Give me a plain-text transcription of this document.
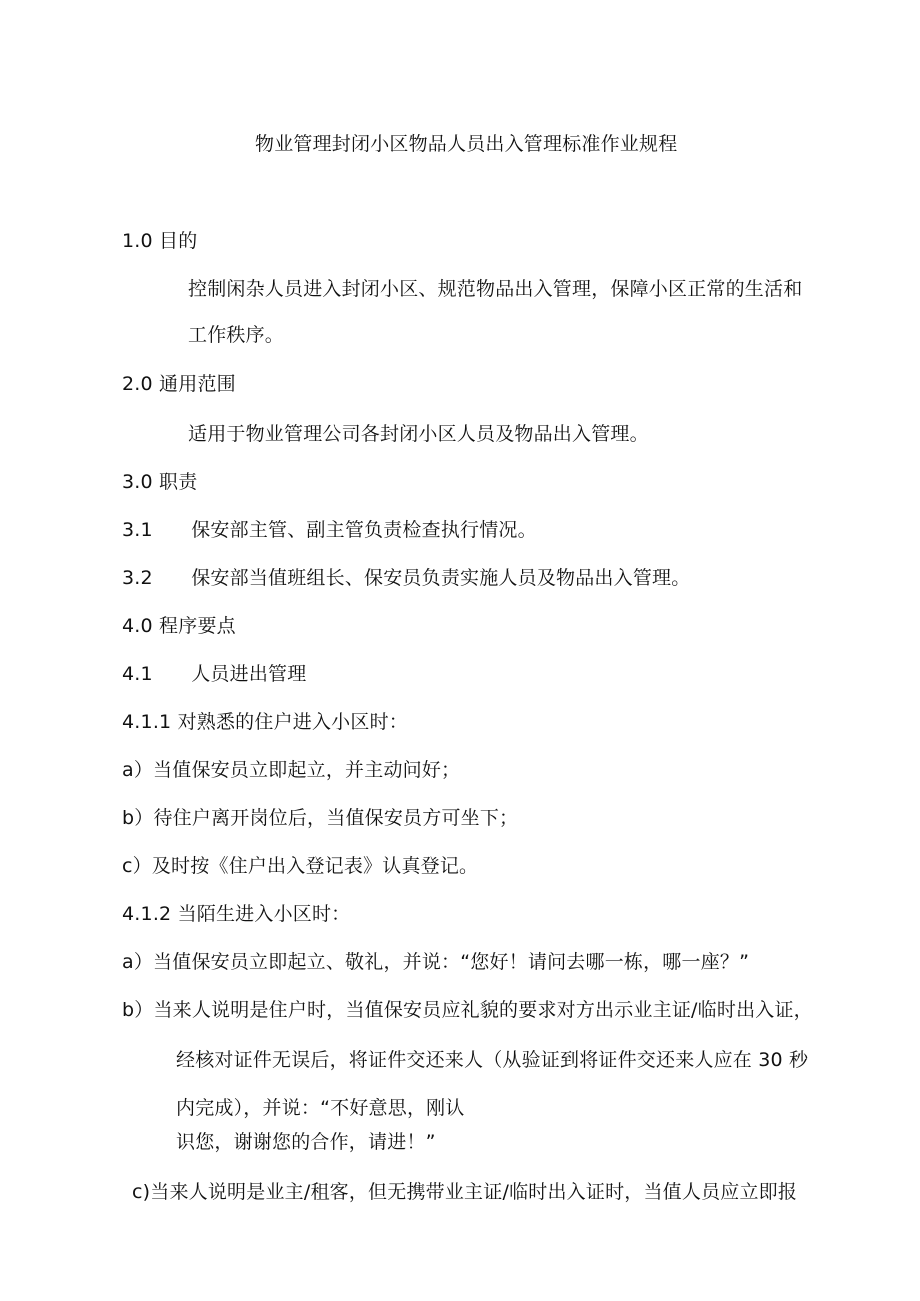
物业管理封闭小区物品人员出入管理标准作业规程
1.0 目的
控制闲杂人员进入封闭小区、规范物品出入管理，保障小区正常的生活和
工作秩序。
2.0 通用范围
适用于物业管理公司各封闭小区人员及物品出入管理。
3.0 职责
3.1　　保安部主管、副主管负责检查执行情况。
3.2　　保安部当值班组长、保安员负责实施人员及物品出入管理。
4.0 程序要点
4.1　　人员进出管理
4.1.1 对熟悉的住户进入小区时：
a）当值保安员立即起立，并主动问好；
b）待住户离开岗位后，当值保安员方可坐下；
c）及时按《住户出入登记表》认真登记。
4.1.2 当陌生进入小区时：
a）当值保安员立即起立、敬礼，并说：“您好！请问去哪一栋，哪一座？”
b）当来人说明是住户时，当值保安员应礼貌的要求对方出示业主证/临时出入证，
经核对证件无误后，将证件交还来人（从验证到将证件交还来人应在 30 秒
内完成），并说：“不好意思，刚认
识您，谢谢您的合作，请进！”
c)当来人说明是业主/租客，但无携带业主证/临时出入证时，当值人员应立即报
